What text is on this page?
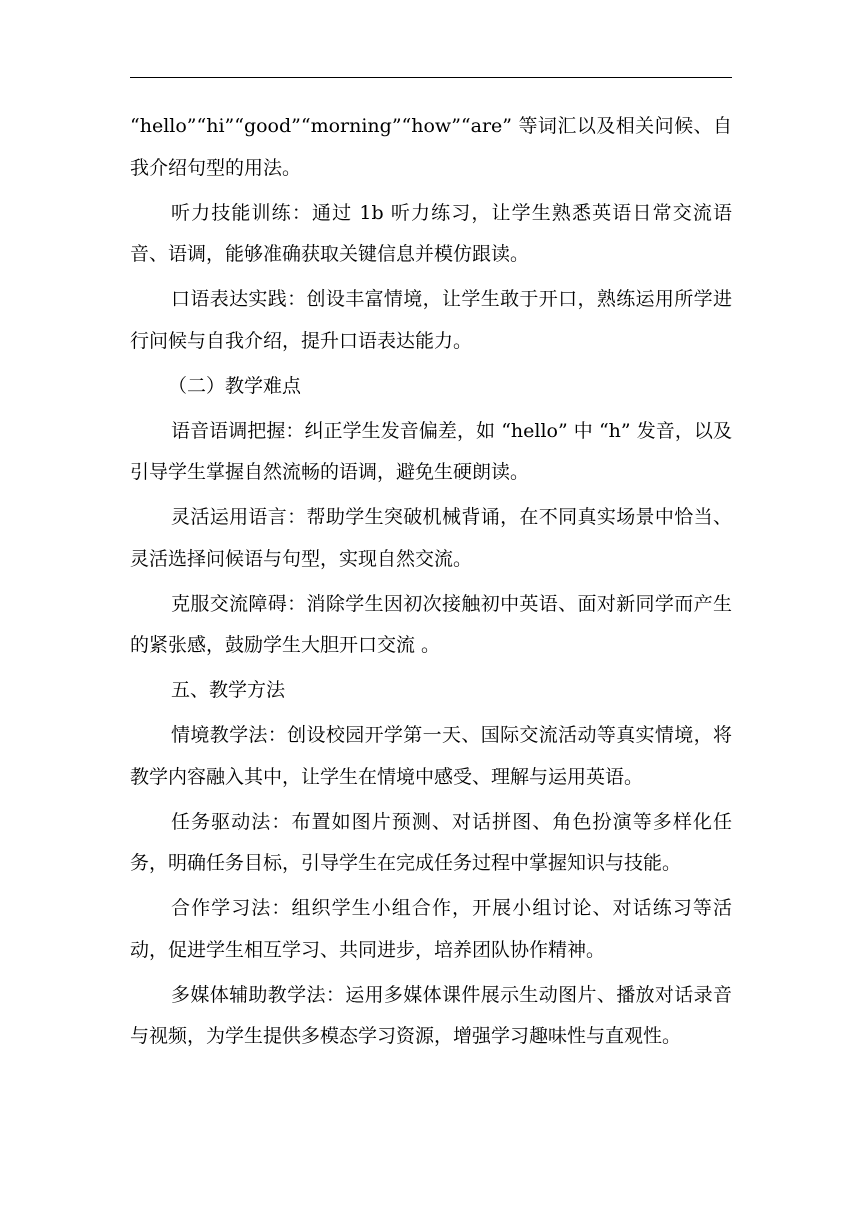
“hello”“hi”“good”“morning”“how”“are” 等词汇以及相关问候、自我介绍句型的用法。

听力技能训练：通过 1b 听力练习，让学生熟悉英语日常交流语音、语调，能够准确获取关键信息并模仿跟读。

口语表达实践：创设丰富情境，让学生敢于开口，熟练运用所学进行问候与自我介绍，提升口语表达能力。

（二）教学难点

语音语调把握：纠正学生发音偏差，如 “hello” 中 “h” 发音，以及引导学生掌握自然流畅的语调，避免生硬朗读。

灵活运用语言：帮助学生突破机械背诵，在不同真实场景中恰当、灵活选择问候语与句型，实现自然交流。

克服交流障碍：消除学生因初次接触初中英语、面对新同学而产生的紧张感，鼓励学生大胆开口交流 。

五、教学方法

情境教学法：创设校园开学第一天、国际交流活动等真实情境，将教学内容融入其中，让学生在情境中感受、理解与运用英语。

任务驱动法：布置如图片预测、对话拼图、角色扮演等多样化任务，明确任务目标，引导学生在完成任务过程中掌握知识与技能。

合作学习法：组织学生小组合作，开展小组讨论、对话练习等活动，促进学生相互学习、共同进步，培养团队协作精神。

多媒体辅助教学法：运用多媒体课件展示生动图片、播放对话录音与视频，为学生提供多模态学习资源，增强学习趣味性与直观性。
